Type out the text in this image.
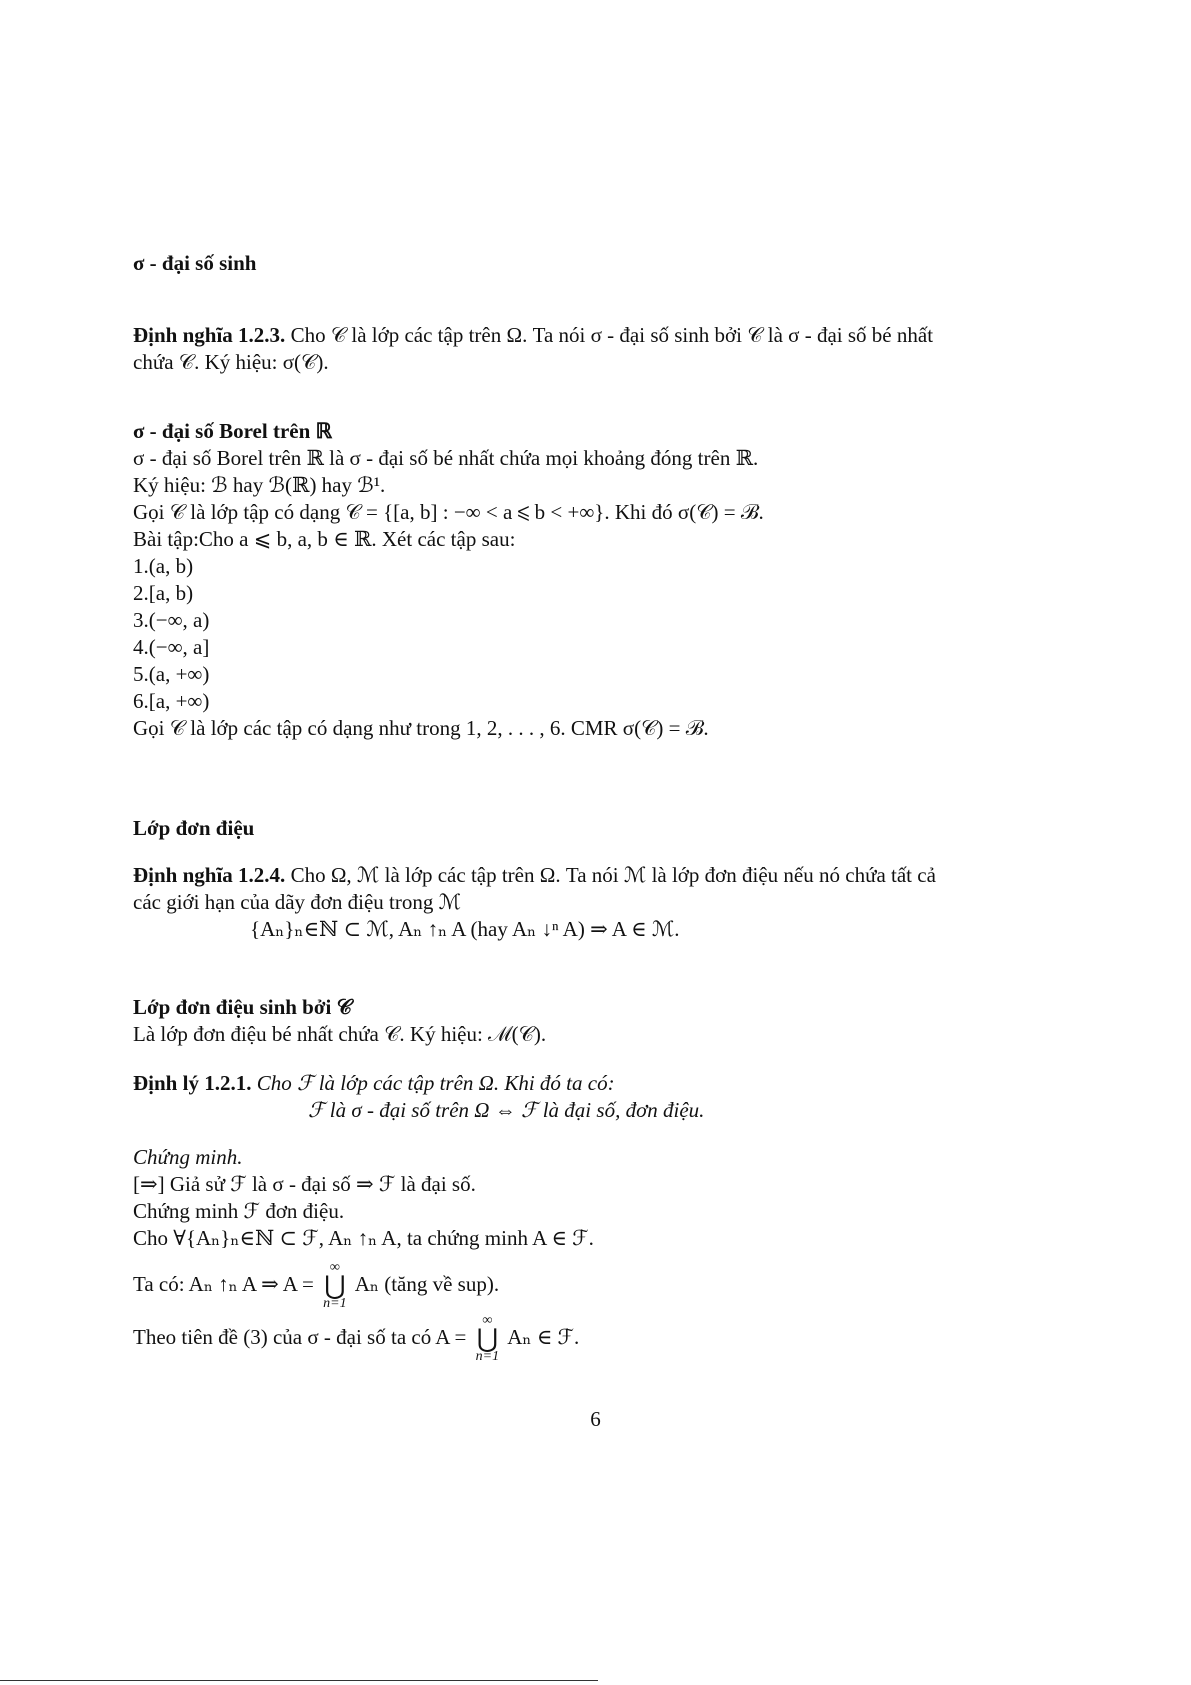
σ - đại số sinh
Định nghĩa 1.2.3. Cho 𝒞 là lớp các tập trên Ω. Ta nói σ - đại số sinh bởi 𝒞 là σ - đại số bé nhất
chứa 𝒞. Ký hiệu: σ(𝒞).
σ - đại số Borel trên ℝ
σ - đại số Borel trên ℝ là σ - đại số bé nhất chứa mọi khoảng đóng trên ℝ.
Ký hiệu: ℬ hay ℬ(ℝ) hay ℬ¹.
Gọi 𝒞 là lớp tập có dạng 𝒞 = {[a, b] : −∞ < a ⩽ b < +∞}. Khi đó σ(𝒞) = ℬ.
Bài tập:Cho a ⩽ b, a, b ∈ ℝ. Xét các tập sau:
1.(a, b)
2.[a, b)
3.(−∞, a)
4.(−∞, a]
5.(a, +∞)
6.[a, +∞)
Gọi 𝒞 là lớp các tập có dạng như trong 1, 2, . . . , 6. CMR σ(𝒞) = ℬ.
Lớp đơn điệu
Định nghĩa 1.2.4. Cho Ω, ℳ là lớp các tập trên Ω. Ta nói ℳ là lớp đơn điệu nếu nó chứa tất cả
các giới hạn của dãy đơn điệu trong ℳ
{Aₙ}ₙ∈ℕ ⊂ ℳ, Aₙ ↑ₙ A (hay Aₙ ↓ⁿ A) ⇒ A ∈ ℳ.
Lớp đơn điệu sinh bởi 𝒞
Là lớp đơn điệu bé nhất chứa 𝒞. Ký hiệu: ℳ(𝒞).
Định lý 1.2.1. Cho ℱ là lớp các tập trên Ω. Khi đó ta có:
ℱ là σ - đại số trên Ω ⇔ ℱ là đại số, đơn điệu.
Chứng minh.
[⇒] Giả sử ℱ là σ - đại số ⇒ ℱ là đại số.
Chứng minh ℱ đơn điệu.
Cho ∀{Aₙ}ₙ∈ℕ ⊂ ℱ, Aₙ ↑ₙ A, ta chứng minh A ∈ ℱ.
Ta có: Aₙ ↑ₙ A ⇒ A =
∞
⋃
n=1
Aₙ (tăng về sup).
Theo tiên đề (3) của σ - đại số ta có A =
∞
⋃
n=1
Aₙ ∈ ℱ.
6
